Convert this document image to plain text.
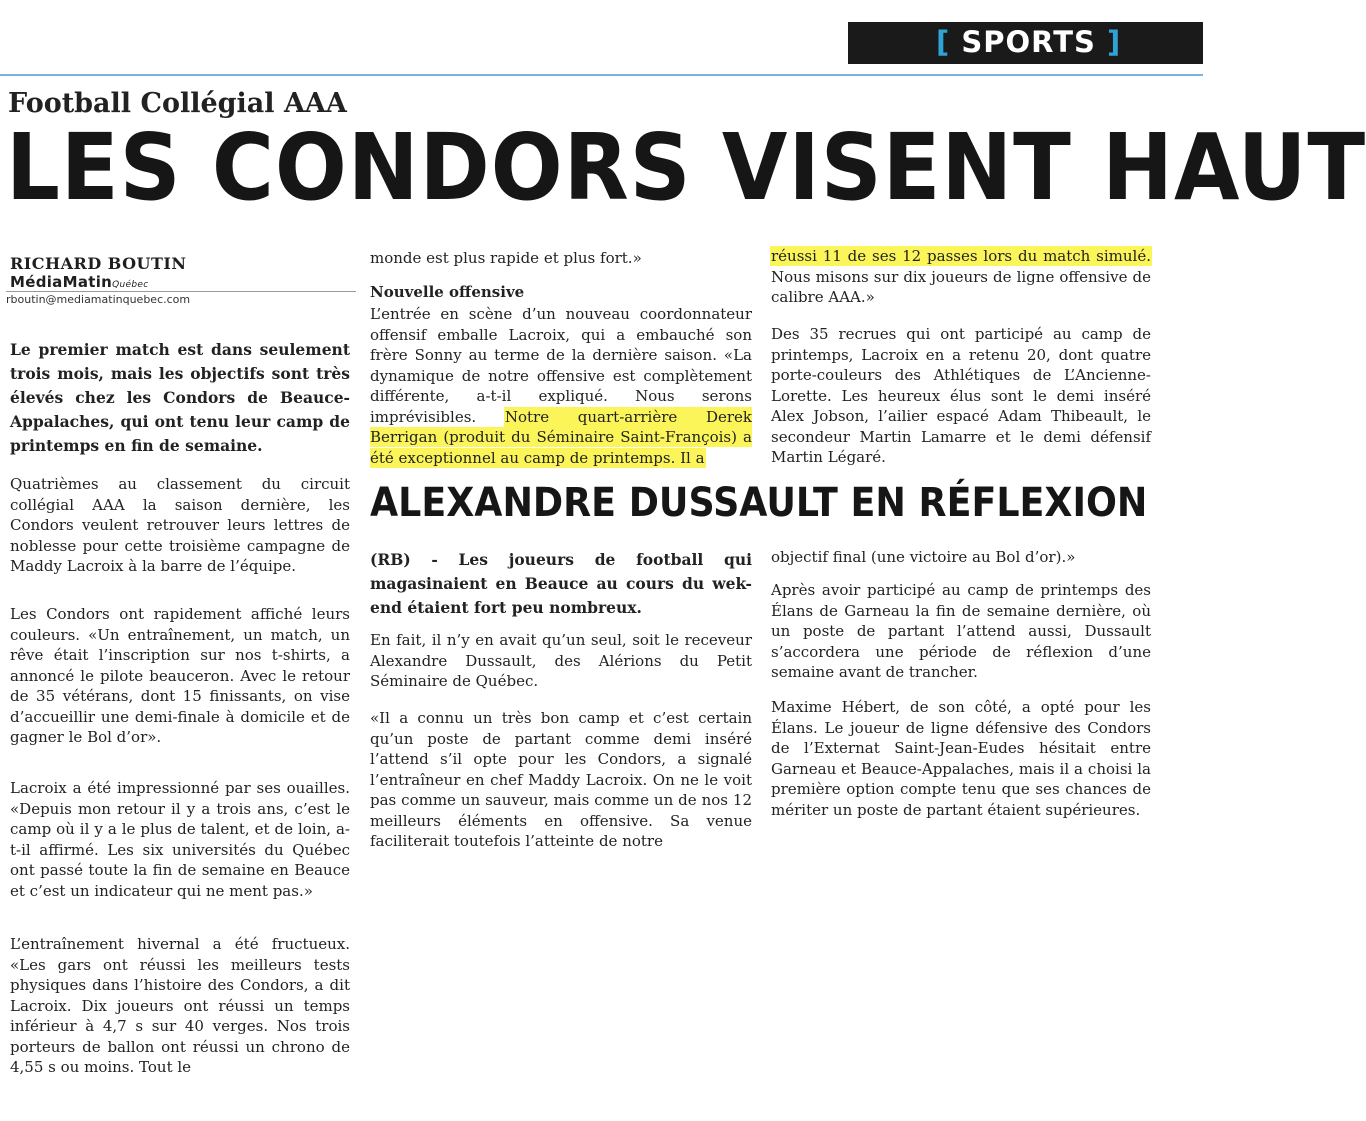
[ SPORTS ]
Football Collégial AAA
LES CONDORS VISENT HAUT
RICHARD BOUTIN
MédiaMatinQuébec
rboutin@mediamatinquebec.com
Le premier match est dans seulement trois mois, mais les objectifs sont très élevés chez les Condors de Beauce-Appalaches, qui ont tenu leur camp de printemps en fin de semaine.
Quatrièmes au classement du circuit collégial AAA la saison dernière, les Condors veulent retrouver leurs lettres de noblesse pour cette troisième campagne de Maddy Lacroix à la barre de l’équipe.
Les Condors ont rapidement affiché leurs couleurs. «Un entraînement, un match, un rêve était l’inscription sur nos t-shirts, a annoncé le pilote beauceron. Avec le retour de 35 vétérans, dont 15 finissants, on vise d’accueillir une demi-finale à domicile et de gagner le Bol d’or».
Lacroix a été impressionné par ses ouailles. «Depuis mon retour il y a trois ans, c’est le camp où il y a le plus de talent, et de loin, a-t-il affirmé. Les six universités du Québec ont passé toute la fin de semaine en Beauce et c’est un indicateur qui ne ment pas.»
L’entraînement hivernal a été fructueux. «Les gars ont réussi les meilleurs tests physiques dans l’histoire des Condors, a dit Lacroix. Dix joueurs ont réussi un temps inférieur à 4,7 s sur 40 verges. Nos trois porteurs de ballon ont réussi un chrono de 4,55 s ou moins. Tout le
monde est plus rapide et plus fort.»
Nouvelle offensive
L’entrée en scène d’un nouveau coordonnateur offensif emballe Lacroix, qui a embauché son frère Sonny au terme de la dernière saison. «La dynamique de notre offensive est complètement différente, a-t-il expliqué. Nous serons imprévisibles. Notre quart-arrière Derek Berrigan (produit du Séminaire Saint-François) a été exceptionnel au camp de printemps. Il a
réussi 11 de ses 12 passes lors du match simulé. Nous misons sur dix joueurs de ligne offensive de calibre AAA.»
Des 35 recrues qui ont participé au camp de printemps, Lacroix en a retenu 20, dont quatre porte-couleurs des Athlétiques de L’Ancienne-Lorette. Les heureux élus sont le demi inséré Alex Jobson, l’ailier espacé Adam Thibeault, le secondeur Martin Lamarre et le demi défensif Martin Légaré.
ALEXANDRE DUSSAULT EN RÉFLEXION
(RB) - Les joueurs de football qui magasinaient en Beauce au cours du wek-end étaient fort peu nombreux.
En fait, il n’y en avait qu’un seul, soit le receveur Alexandre Dussault, des Alérions du Petit Séminaire de Québec.
«Il a connu un très bon camp et c’est certain qu’un poste de partant comme demi inséré l’attend s’il opte pour les Condors, a signalé l’entraîneur en chef Maddy Lacroix. On ne le voit pas comme un sauveur, mais comme un de nos 12 meilleurs éléments en offensive. Sa venue faciliterait toutefois l’atteinte de notre
objectif final (une victoire au Bol d’or).»
Après avoir participé au camp de printemps des Élans de Garneau la fin de semaine dernière, où un poste de partant l’attend aussi, Dussault s’accordera une période de réflexion d’une semaine avant de trancher.
Maxime Hébert, de son côté, a opté pour les Élans. Le joueur de ligne défensive des Condors de l’Externat Saint-Jean-Eudes hésitait entre Garneau et Beauce-Appalaches, mais il a choisi la première option compte tenu que ses chances de mériter un poste de partant étaient supérieures.
